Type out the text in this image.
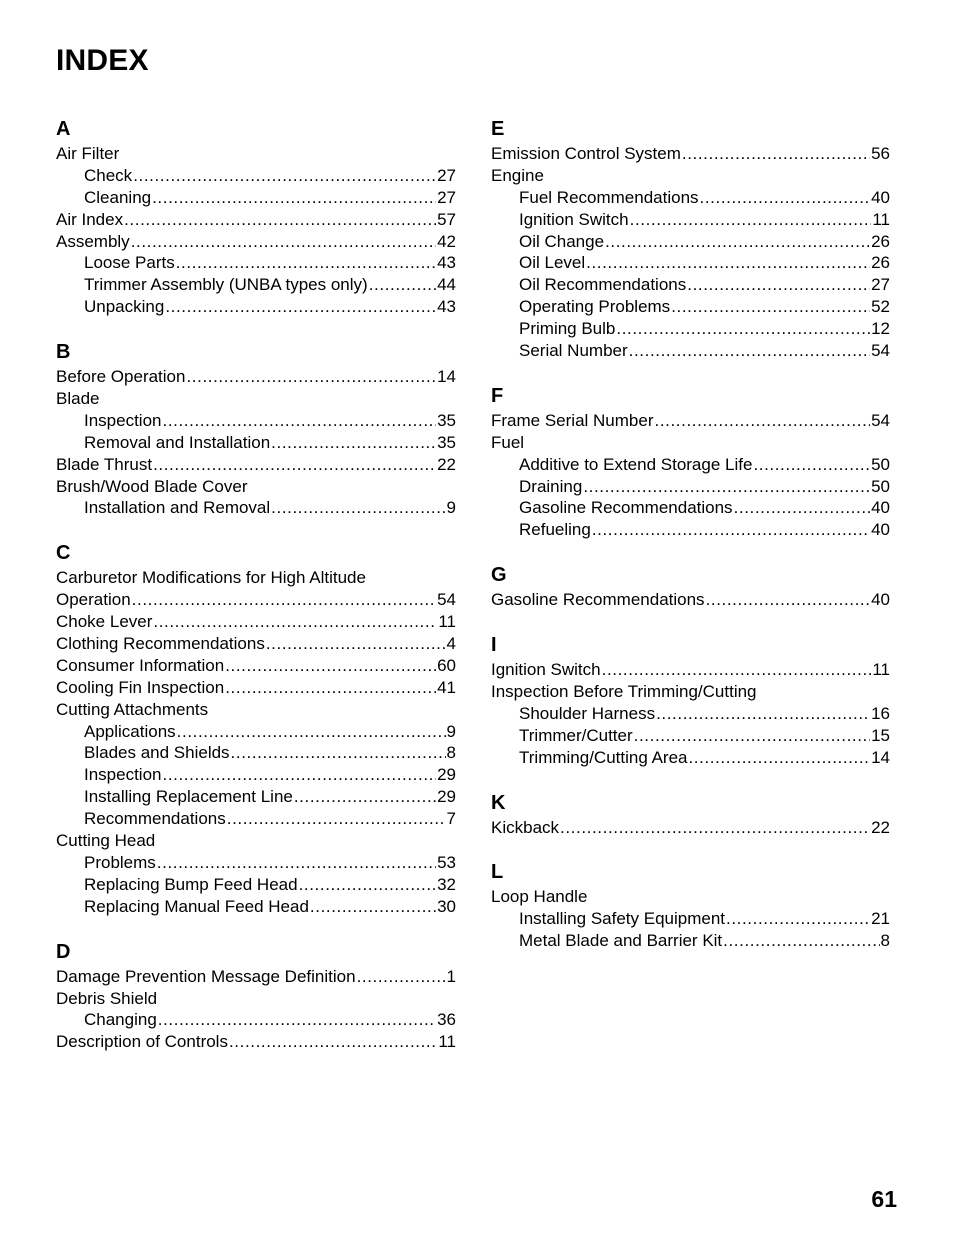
INDEX
A
Air Filter
Check .....	27
Cleaning .....	27
Air Index .....	57
Assembly .....	42
Loose Parts .....	43
Trimmer Assembly (UNBA types only) .....	44
Unpacking .....	43
B
Before Operation .....	14
Blade
Inspection .....	35
Removal and Installation .....	35
Blade Thrust .....	22
Brush/Wood Blade Cover
Installation and Removal .....	9
C
Carburetor Modifications for High Altitude
Operation .....	54
Choke Lever .....	11
Clothing Recommendations .....	4
Consumer Information .....	60
Cooling Fin Inspection .....	41
Cutting Attachments
Applications .....	9
Blades and Shields .....	8
Inspection .....	29
Installing Replacement Line .....	29
Recommendations .....	7
Cutting Head
Problems .....	53
Replacing Bump Feed Head .....	32
Replacing Manual Feed Head .....	30
D
Damage Prevention Message Definition .....	1
Debris Shield
Changing .....	36
Description of Controls .....	11
E
Emission Control System .....	56
Engine
Fuel Recommendations .....	40
Ignition Switch .....	11
Oil Change .....	26
Oil Level .....	26
Oil Recommendations .....	27
Operating Problems .....	52
Priming Bulb .....	12
Serial Number .....	54
F
Frame Serial Number .....	54
Fuel
Additive to Extend Storage Life .....	50
Draining .....	50
Gasoline Recommendations .....	40
Refueling .....	40
G
Gasoline Recommendations .....	40
I
Ignition Switch .....	11
Inspection Before Trimming/Cutting
Shoulder Harness .....	16
Trimmer/Cutter .....	15
Trimming/Cutting Area .....	14
K
Kickback .....	22
L
Loop Handle
Installing Safety Equipment .....	21
Metal Blade and Barrier Kit .....	8
61
